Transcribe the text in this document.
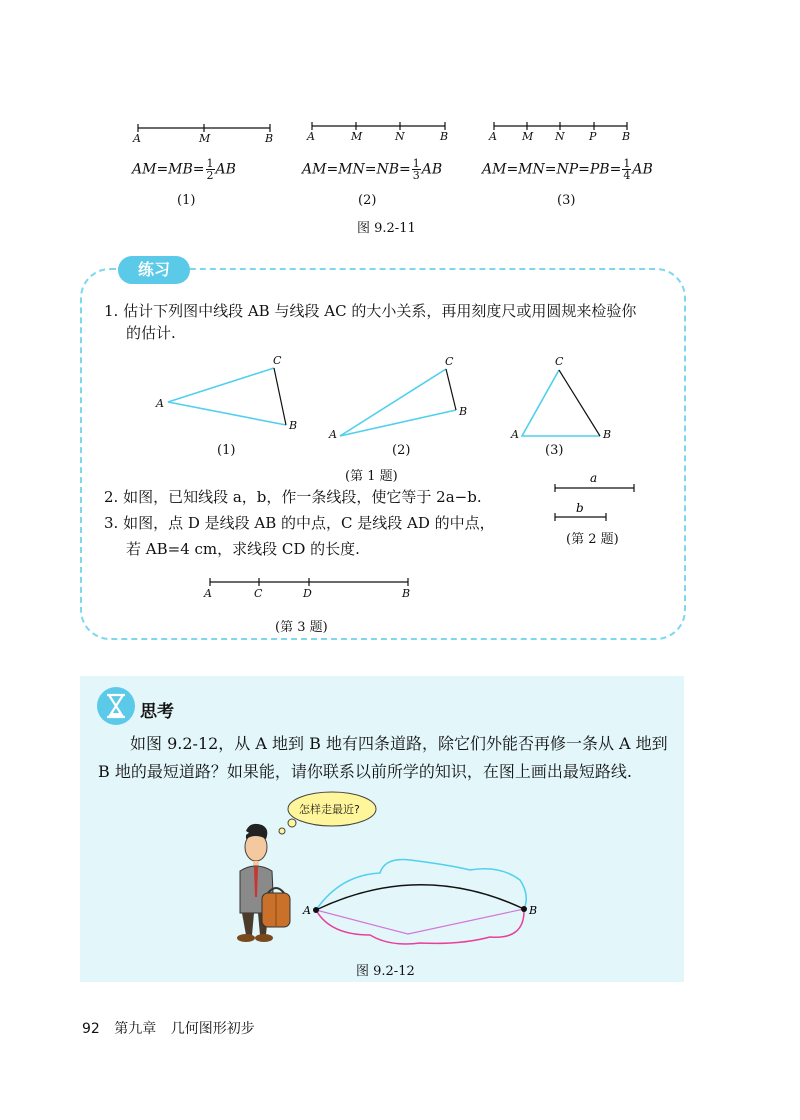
A	M	B	A	M	N	B	A M N P B
$AM=MB= \frac{1}{2}$ AB	$AM=MN=NB= \frac{1}{3}$ AB	$AM=MN=NP=PB= \frac{1}{4}$ AB
(1)	(2)	(3)
图 9.2-11
练习
1. 估计下列图中线段 AB 与线段 AC 的大小关系，再用刻度尺或用圆规来检验你
的估计.
A
B
C
A
B
C
A	B
C
(1)	(2)	(3)
(第 1 题)
2. 如图，已知线段 a，b，作一条线段，使它等于 2a−b.
a
b
(第 2 题)
3. 如图，点 D 是线段 AB 的中点，C 是线段 AD 的中点，
若 AB=4 cm，求线段 CD 的长度.
A	C	D	B
(第 3 题)
思考
如图 9.2-12，从 A 地到 B 地有四条道路，除它们外能否再修一条从 A 地到
B 地的最短道路？如果能，请你联系以前所学的知识，在图上画出最短路线.
怎样走最近?
A	B
图 9.2-12
92 第九章 几何图形初步
